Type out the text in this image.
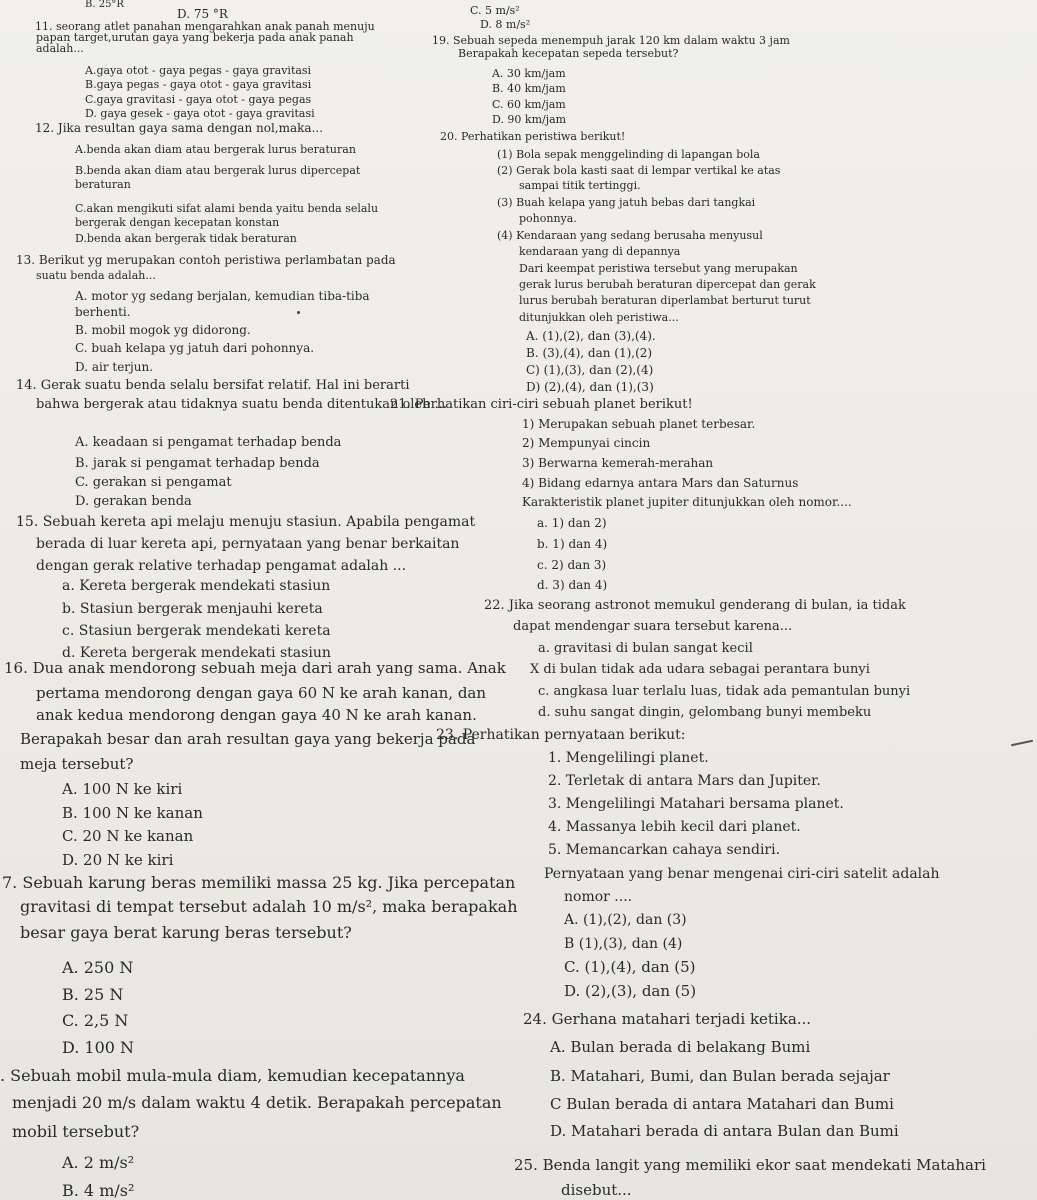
B. 25°R
D. 75 °R	C. 5 m/s²
D. 8 m/s²
11. seorang atlet panahan mengarahkan anak panah menuju
papan target,urutan gaya yang bekerja pada anak panah
adalah...
A.gaya otot - gaya pegas - gaya gravitasi
B.gaya pegas - gaya otot - gaya gravitasi
C.gaya gravitasi - gaya otot - gaya pegas
D. gaya gesek - gaya otot - gaya gravitasi
12. Jika resultan gaya sama dengan nol,maka...
A.benda akan diam atau bergerak lurus beraturan
B.benda akan diam atau bergerak lurus dipercepat
beraturan
C.akan mengikuti sifat alami benda yaitu benda selalu
bergerak dengan kecepatan konstan
D.benda akan bergerak tidak beraturan
13. Berikut yg merupakan contoh peristiwa perlambatan pada
suatu benda adalah...
A. motor yg sedang berjalan, kemudian tiba-tiba
berhenti.
B. mobil mogok yg didorong.
C. buah kelapa yg jatuh dari pohonnya.
D. air terjun.
14. Gerak suatu benda selalu bersifat relatif. Hal ini berarti
bahwa bergerak atau tidaknya suatu benda ditentukan oleh ...
A. keadaan si pengamat terhadap benda
B. jarak si pengamat terhadap benda
C. gerakan si pengamat
D. gerakan benda
15. Sebuah kereta api melaju menuju stasiun. Apabila pengamat
berada di luar kereta api, pernyataan yang benar berkaitan
dengan gerak relative terhadap pengamat adalah ...
a. Kereta bergerak mendekati stasiun
b. Stasiun bergerak menjauhi kereta
c. Stasiun bergerak mendekati kereta
d. Kereta bergerak mendekati stasiun
16. Dua anak mendorong sebuah meja dari arah yang sama. Anak
pertama mendorong dengan gaya 60 N ke arah kanan, dan
anak kedua mendorong dengan gaya 40 N ke arah kanan.
Berapakah besar dan arah resultan gaya yang bekerja pada
meja tersebut?
A. 100 N ke kiri
B. 100 N ke kanan
C. 20 N ke kanan
D. 20 N ke kiri
7. Sebuah karung beras memiliki massa 25 kg. Jika percepatan
gravitasi di tempat tersebut adalah 10 m/s², maka berapakah
besar gaya berat karung beras tersebut?
A. 250 N
B. 25 N
C. 2,5 N
D. 100 N
. Sebuah mobil mula-mula diam, kemudian kecepatannya
menjadi 20 m/s dalam waktu 4 detik. Berapakah percepatan
mobil tersebut?
A. 2 m/s²
B. 4 m/s²
19. Sebuah sepeda menempuh jarak 120 km dalam waktu 3 jam
Berapakah kecepatan sepeda tersebut?
A. 30 km/jam
B. 40 km/jam
C. 60 km/jam
D. 90 km/jam
20. Perhatikan peristiwa berikut!
(1) Bola sepak menggelinding di lapangan bola
(2) Gerak bola kasti saat di lempar vertikal ke atas
sampai titik tertinggi.
(3) Buah kelapa yang jatuh bebas dari tangkai
pohonnya.
(4) Kendaraan yang sedang berusaha menyusul
kendaraan yang di depannya
Dari keempat peristiwa tersebut yang merupakan
gerak lurus berubah beraturan dipercepat dan gerak
lurus berubah beraturan diperlambat berturut turut
ditunjukkan oleh peristiwa...
A. (1),(2), dan (3),(4).
B. (3),(4), dan (1),(2)
C) (1),(3), dan (2),(4)
D) (2),(4), dan (1),(3)
21. Perhatikan ciri-ciri sebuah planet berikut!
1) Merupakan sebuah planet terbesar.
2) Mempunyai cincin
3) Berwarna kemerah-merahan
4) Bidang edarnya antara Mars dan Saturnus
Karakteristik planet jupiter ditunjukkan oleh nomor....
a. 1) dan 2)
b. 1) dan 4)
c. 2) dan 3)
d. 3) dan 4)
22. Jika seorang astronot memukul genderang di bulan, ia tidak
dapat mendengar suara tersebut karena...
a. gravitasi di bulan sangat kecil
X di bulan tidak ada udara sebagai perantara bunyi
c. angkasa luar terlalu luas, tidak ada pemantulan bunyi
d. suhu sangat dingin, gelombang bunyi membeku
23. Perhatikan pernyataan berikut:
1. Mengelilingi planet.
2. Terletak di antara Mars dan Jupiter.
3. Mengelilingi Matahari bersama planet.
4. Massanya lebih kecil dari planet.
5. Memancarkan cahaya sendiri.
Pernyataan yang benar mengenai ciri-ciri satelit adalah
nomor ....
A. (1),(2), dan (3)
B (1),(3), dan (4)
C. (1),(4), dan (5)
D. (2),(3), dan (5)
24. Gerhana matahari terjadi ketika...
A. Bulan berada di belakang Bumi
B. Matahari, Bumi, dan Bulan berada sejajar
C Bulan berada di antara Matahari dan Bumi
D. Matahari berada di antara Bulan dan Bumi
25. Benda langit yang memiliki ekor saat mendekati Matahari
disebut...
